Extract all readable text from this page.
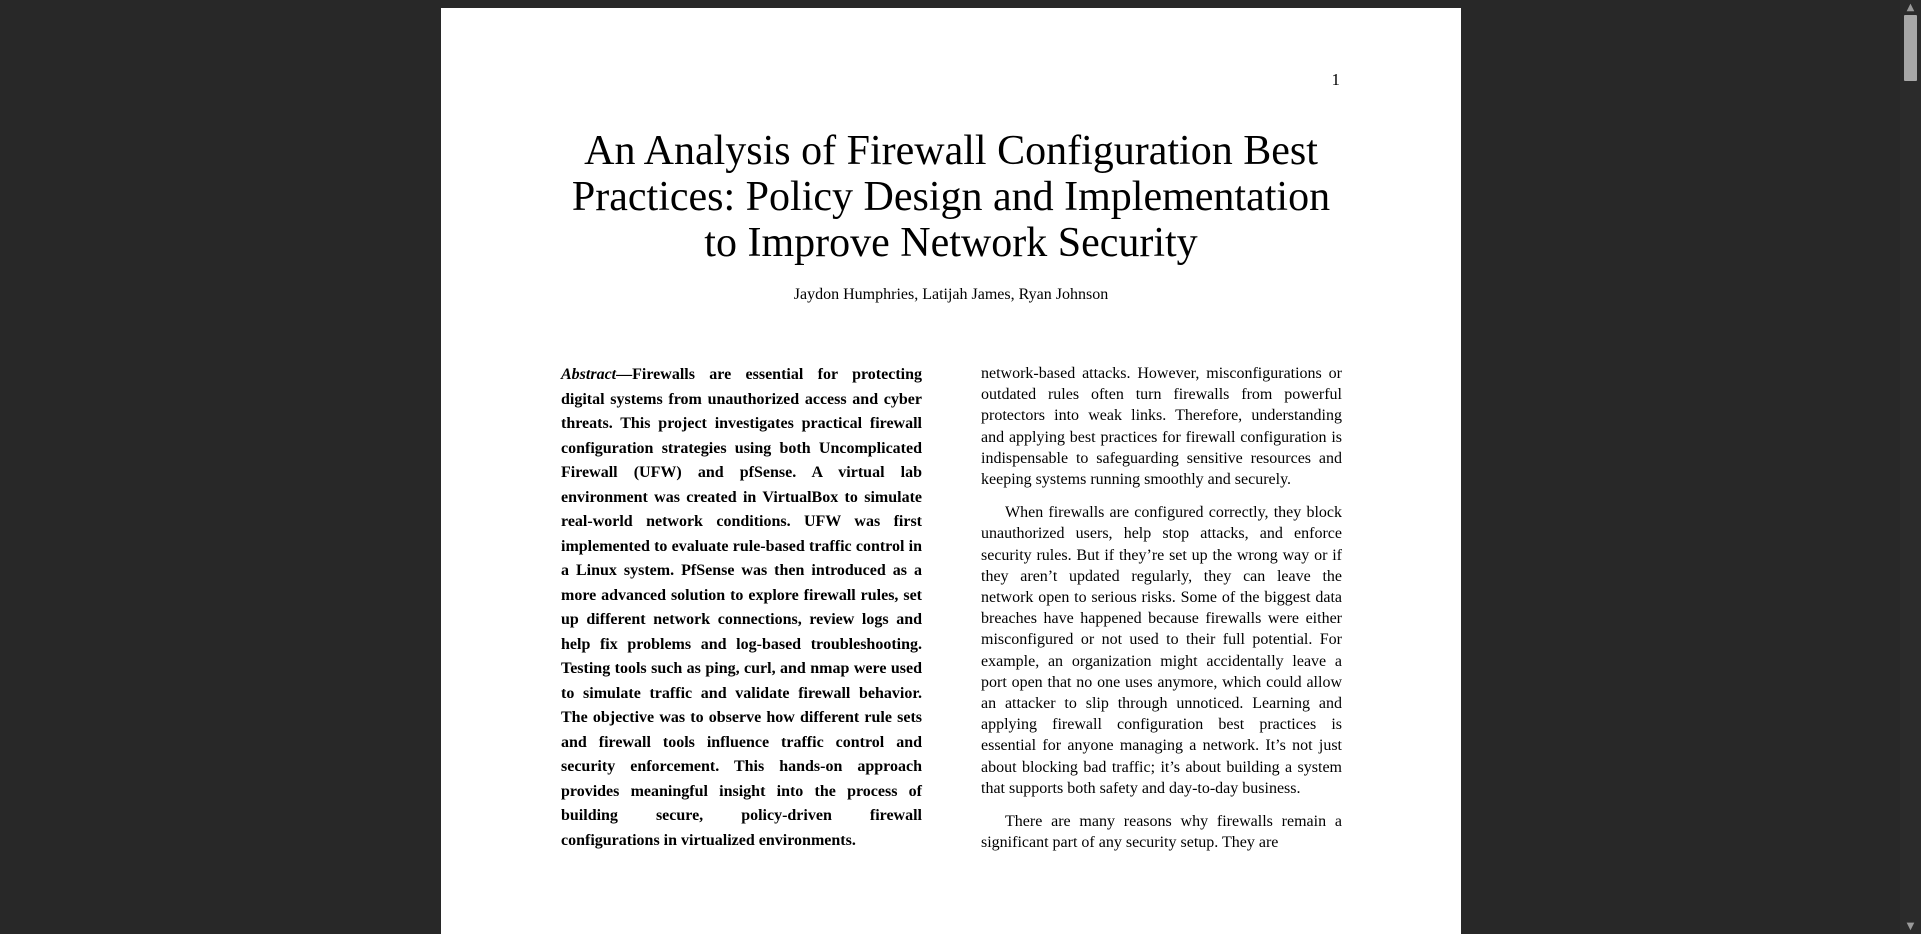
1
An Analysis of Firewall Configuration Best Practices: Policy Design and Implementation to Improve Network Security
Jaydon Humphries, Latijah James, Ryan Johnson
Abstract—Firewalls are essential for protecting digital systems from unauthorized access and cyber threats. This project investigates practical firewall configuration strategies using both Uncomplicated Firewall (UFW) and pfSense. A virtual lab environment was created in VirtualBox to simulate real-world network conditions. UFW was first implemented to evaluate rule-based traffic control in a Linux system. PfSense was then introduced as a more advanced solution to explore firewall rules, set up different network connections, review logs and help fix problems and log-based troubleshooting. Testing tools such as ping, curl, and nmap were used to simulate traffic and validate firewall behavior. The objective was to observe how different rule sets and firewall tools influence traffic control and security enforcement. This hands-on approach provides meaningful insight into the process of building secure, policy-driven firewall configurations in virtualized environments.

network-based attacks. However, misconfigurations or outdated rules often turn firewalls from powerful protectors into weak links. Therefore, understanding and applying best practices for firewall configuration is indispensable to safeguarding sensitive resources and keeping systems running smoothly and securely.

When firewalls are configured correctly, they block unauthorized users, help stop attacks, and enforce security rules. But if they’re set up the wrong way or if they aren’t updated regularly, they can leave the network open to serious risks. Some of the biggest data breaches have happened because firewalls were either misconfigured or not used to their full potential. For example, an organization might accidentally leave a port open that no one uses anymore, which could allow an attacker to slip through unnoticed. Learning and applying firewall configuration best practices is essential for anyone managing a network. It’s not just about blocking bad traffic; it’s about building a system that supports both safety and day-to-day business.

There are many reasons why firewalls remain a significant part of any security setup. They are

▲
▼
